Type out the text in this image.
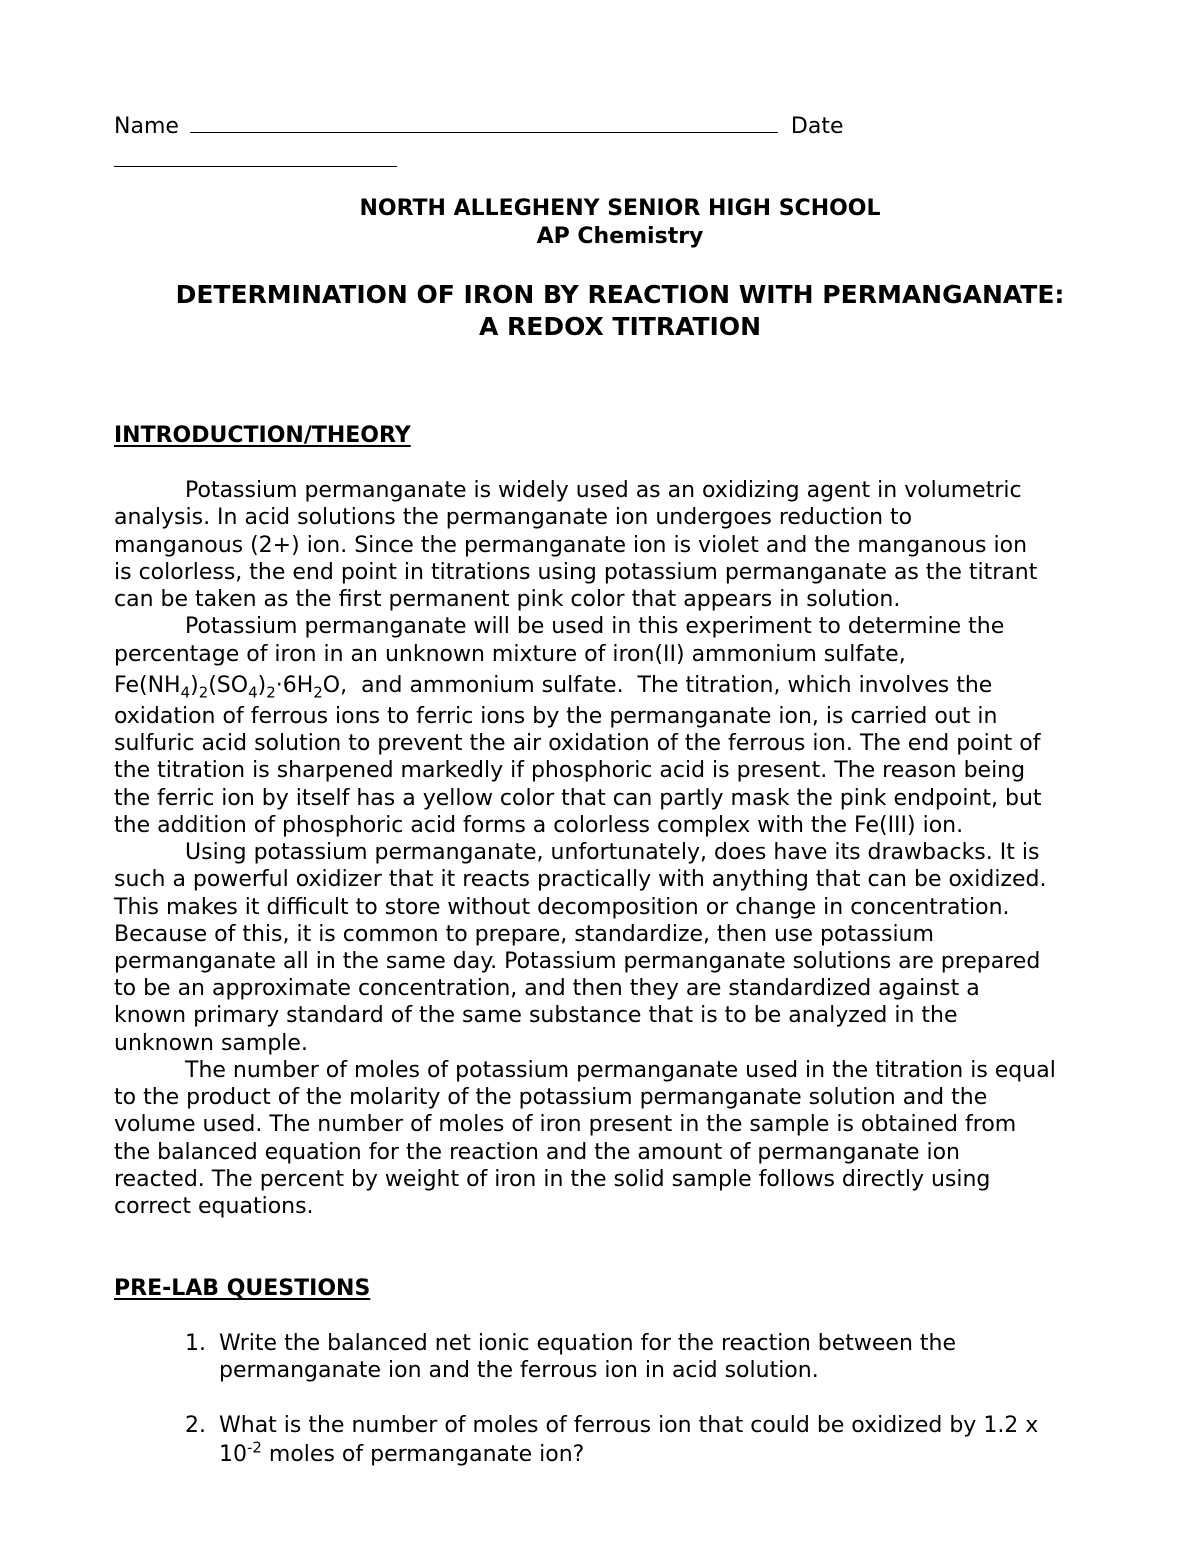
Name	Date
NORTH ALLEGHENY SENIOR HIGH SCHOOL
AP Chemistry
DETERMINATION OF IRON BY REACTION WITH PERMANGANATE:
A REDOX TITRATION
INTRODUCTION/THEORY
Potassium permanganate is widely used as an oxidizing agent in volumetric
analysis. In acid solutions the permanganate ion undergoes reduction to
manganous (2+) ion. Since the permanganate ion is violet and the manganous ion
is colorless, the end point in titrations using potassium permanganate as the titrant
can be taken as the first permanent pink color that appears in solution.
Potassium permanganate will be used in this experiment to determine the
percentage of iron in an unknown mixture of iron(II) ammonium sulfate,
$Fe(NH_4)_2(SO_4)_2\cdot 6H_2O$,  and ammonium sulfate.  The titration, which involves the
oxidation of ferrous ions to ferric ions by the permanganate ion, is carried out in
sulfuric acid solution to prevent the air oxidation of the ferrous ion. The end point of
the titration is sharpened markedly if phosphoric acid is present. The reason being
the ferric ion by itself has a yellow color that can partly mask the pink endpoint, but
the addition of phosphoric acid forms a colorless complex with the Fe(III) ion.
Using potassium permanganate, unfortunately, does have its drawbacks. It is
such a powerful oxidizer that it reacts practically with anything that can be oxidized.
This makes it difficult to store without decomposition or change in concentration.
Because of this, it is common to prepare, standardize, then use potassium
permanganate all in the same day. Potassium permanganate solutions are prepared
to be an approximate concentration, and then they are standardized against a
known primary standard of the same substance that is to be analyzed in the
unknown sample.
The number of moles of potassium permanganate used in the titration is equal
to the product of the molarity of the potassium permanganate solution and the
volume used. The number of moles of iron present in the sample is obtained from
the balanced equation for the reaction and the amount of permanganate ion
reacted. The percent by weight of iron in the solid sample follows directly using
correct equations.
PRE-LAB QUESTIONS
1. Write the balanced net ionic equation for the reaction between the
permanganate ion and the ferrous ion in acid solution.
2. What is the number of moles of ferrous ion that could be oxidized by 1.2 x
$10^{-2}$ moles of permanganate ion?
